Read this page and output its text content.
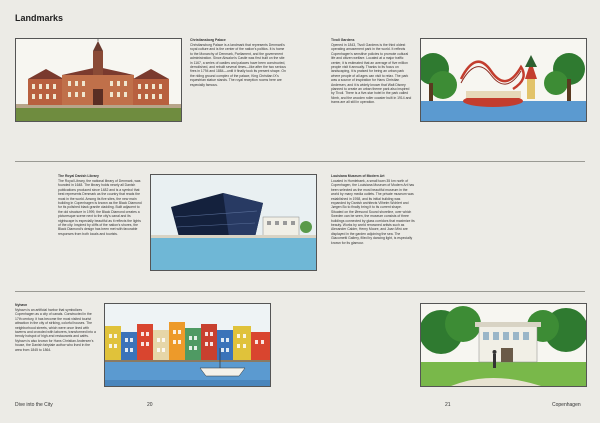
Landmarks
Christiansborg Palace
Christiansborg Palace is a landmark that represents Denmark's royal culture and is the center of the nation's politics. It is home to the Monarchy of Denmark, Parliament, and the government administration. Since Absalon's Castle was first built on the site in 1167, a series of castles and palaces have been constructed, demolished, and rebuilt several times—like after the two serious fires in 1794 and 1884—until it finally took its present shape. On the riding ground complex of the palace, King Christian IX's equestrian statue stands. The royal reception rooms here are especially famous.
Tivoli Gardens
Opened in 1843, Tivoli Gardens is the third oldest operating amusement park in the world. It reflects Copenhagen's sensitive policies to promote cultural life and citizen welfare. Located at a major traffic center, it is estimated that an average of five million people visit it annually. Thanks to its focus on landscaping, it is praised for being an urban park where people of all ages can visit to relax. The park was a source of inspiration for Hans Christian Andersen, and it is widely known that Walt Disney planned to create an urban theme park also inspired by Tivoli. There is a five-star hotel in the park called Nimb, and the wooden roller coaster built in 1914 and trams are all still in operation.
The Royal Danish Library
The Royal Library, the national library of Denmark, was founded in 1648. The library holds nearly all Danish publications produced since 1482 and is a symbol that best represents Denmark as the country that reads the most in the world. Among its five sites, the new main building in Copenhagen is known as the Black Diamond for its polished black granite cladding. Built adjacent to the old structure in 1999, the Black Diamond creates a picturesque scene next to the city's canal and its nightscape is especially beautiful as it reflects the lights of the city. Inspired by cliffs of the nation's shores, the Black Diamond's design has been met with favorable responses from both locals and tourists.
Louisiana Museum of Modern Art
Located in Humlebaek, a small town 35 km north of Copenhagen, the Louisiana Museum of Modern Art has been selected as the most beautiful museum in the world by many media outlets. The private museum was established in 1958, and its initial building was expanded by Danish architects Vilhelm Wohlert and Jørgen Bo to finally bring it to its current shape. Situated on the Øresund Sound shoreline, over which Sweden can be seen, the museum consists of three buildings connected by glass corridors that maximize its beauty. Works by world renowned artists such as Alexander Calder, Henry Moore, and Joan Miró are displayed in the garden adjoining the sea. The Giacometti Gallery, filled by dancing light, is especially known for its glamour.
Nyhavn
Nyhavn is an artificial harbor that symbolizes Copenhagen as a city of canals. Constructed in the 17th century, it has become the most visited tourist attraction in the city of striking, colorful houses. The neighborhood streets, which were once lined with taverns and crowded with laborers, transformed into a trendy hotspot of high-end restaurants and cafés. Nyhavn is also known for Hans Christian Andersen's house, the Danish fairytale author who lived in the area from 1845 to 1864.
Dive into the City	20	21	Copenhagen
